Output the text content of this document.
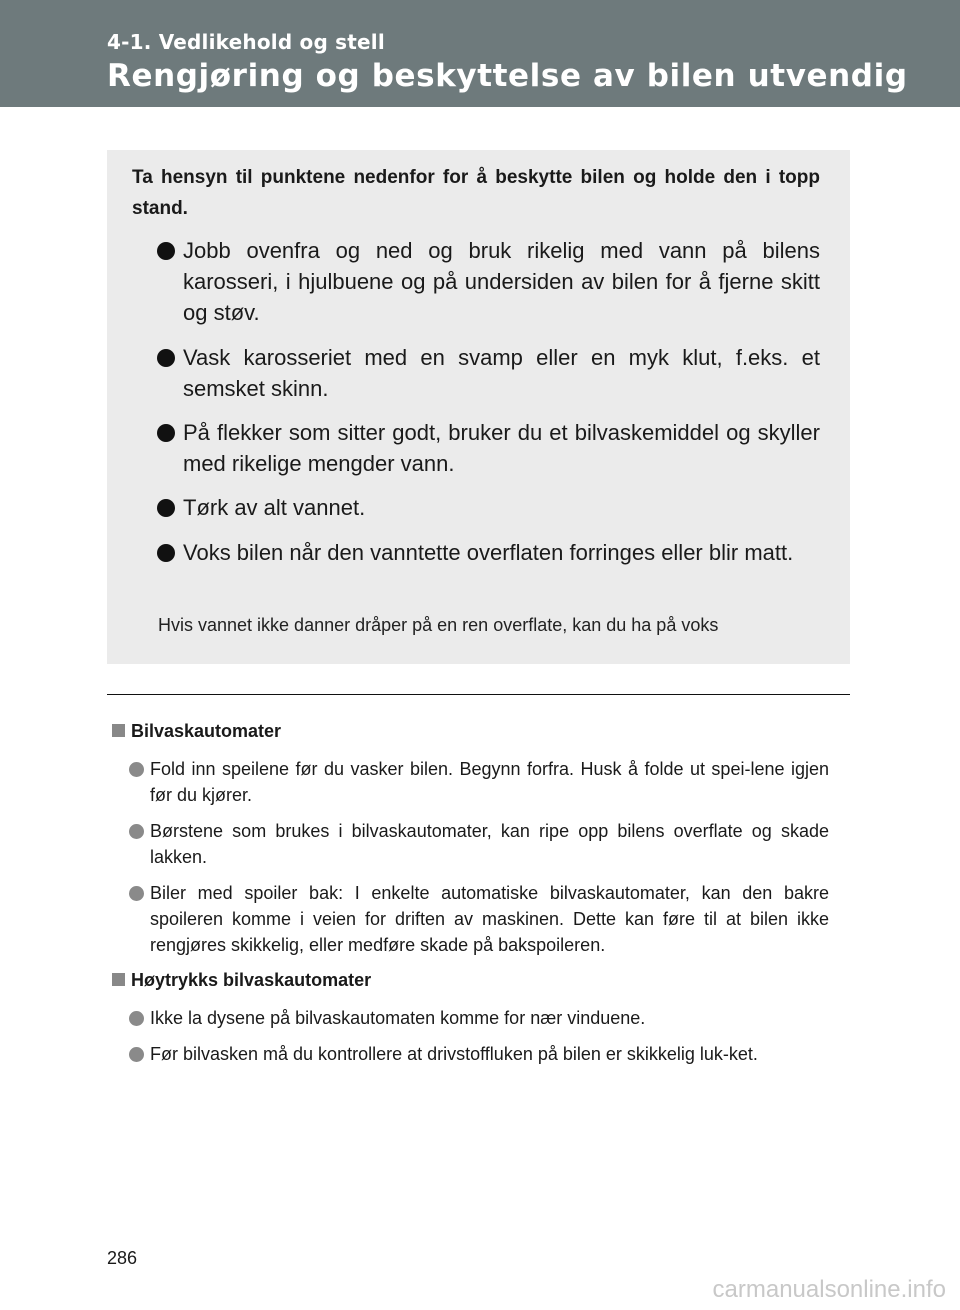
4-1. Vedlikehold og stell
Rengjøring og beskyttelse av bilen utvendig
Ta hensyn til punktene nedenfor for å beskytte bilen og holde den i topp stand.
Jobb ovenfra og ned og bruk rikelig med vann på bilens karosseri, i hjulbuene og på undersiden av bilen for å fjerne skitt og støv.
Vask karosseriet med en svamp eller en myk klut, f.eks. et semsket skinn.
På flekker som sitter godt, bruker du et bilvaskemiddel og skyller med rikelige mengder vann.
Tørk av alt vannet.
Voks bilen når den vanntette overflaten forringes eller blir matt.
Hvis vannet ikke danner dråper på en ren overflate, kan du ha på voks
Bilvaskautomater
Fold inn speilene før du vasker bilen. Begynn forfra. Husk å folde ut spei-lene igjen før du kjører.
Børstene som brukes i bilvaskautomater, kan ripe opp bilens overflate og skade lakken.
Biler med spoiler bak: I enkelte automatiske bilvaskautomater, kan den bakre spoileren komme i veien for driften av maskinen. Dette kan føre til at bilen ikke rengjøres skikkelig, eller medføre skade på bakspoileren.
Høytrykks bilvaskautomater
Ikke la dysene på bilvaskautomaten komme for nær vinduene.
Før bilvasken må du kontrollere at drivstoffluken på bilen er skikkelig luk-ket.
286
carmanualsonline.info
